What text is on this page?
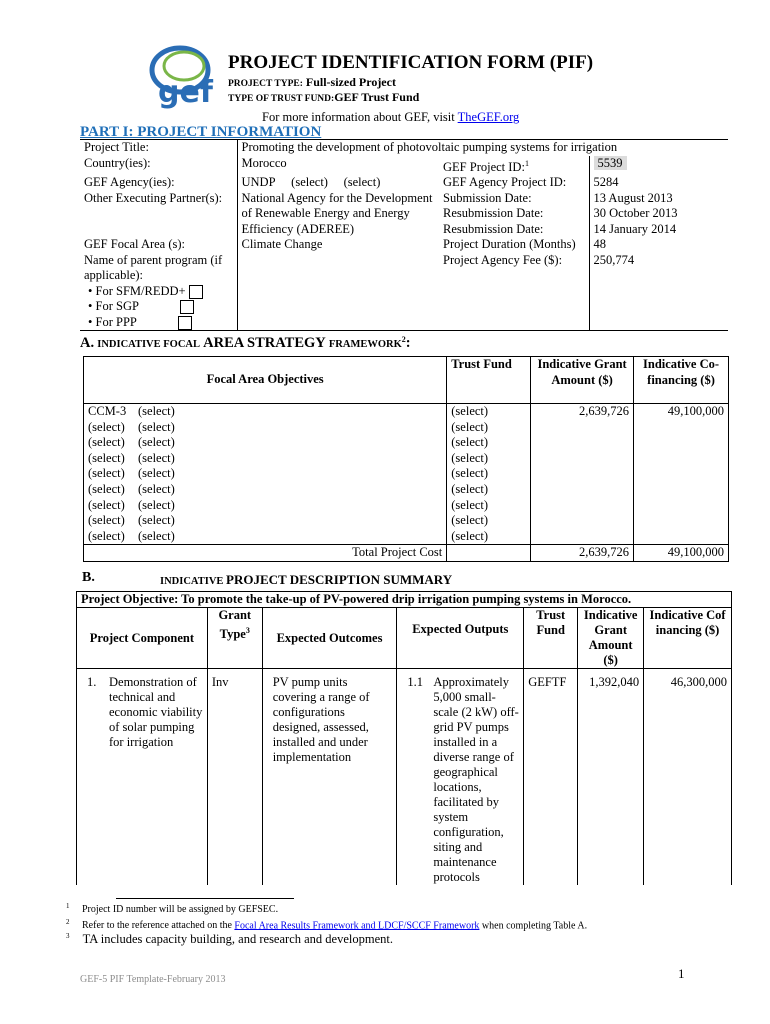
gef
PROJECT IDENTIFICATION FORM (PIF)
PROJECT TYPE: Full-sized Project
TYPE OF TRUST FUND:GEF Trust Fund
For more information about GEF, visit TheGEF.org
PART I: PROJECT INFORMATION
Project Title:	Promoting the development of photovoltaic pumping systems for irrigation		
Country(ies):	Morocco	GEF Project ID:$^1$	5539
GEF Agency(ies):	UNDP (select) (select)	GEF Agency Project ID:	5284
Other Executing Partner(s):	National Agency for the Development of Renewable Energy and Energy Efficiency (ADEREE)	Submission Date:	13 August 2013
		Resubmission Date:	30 October 2013
		Resubmission Date:	14 January 2014
GEF Focal Area (s):	Climate Change	Project Duration (Months)	48

Name of parent program (if applicable):
• For SFM/REDD+
• For SGP
• For PPP		Project Agency Fee ($):	250,774
A. INDICATIVE FOCAL AREA STRATEGY FRAMEWORK$^2$:
Focal Area Objectives	Trust Fund	Indicative Grant Amount ($)	Indicative Co-financing ($)
CCM-3 (select)	(select)	2,639,726	49,100,000
(select) (select)	(select)		
(select) (select)	(select)		
(select) (select)	(select)		
(select) (select)	(select)		
(select) (select)	(select)		
(select) (select)	(select)		
(select) (select)	(select)		
(select) (select)	(select)		
Total Project Cost		2,639,726	49,100,000
B.	INDICATIVE PROJECT DESCRIPTION SUMMARY
Project Objective: To promote the take-up of PV-powered drip irrigation pumping systems in Morocco.						
Project Component	Grant Type$^3$	Expected Outcomes	Expected Outputs	Trust Fund	Indicative Grant Amount ($)	Indicative Cofinancing ($)

1. Demonstration of technical and economic viability of solar pumping for irrigation	Inv	PV pump units covering a range of configurations designed, assessed, installed and under implementation	1.1 Approximately 5,000 small-scale (2 kW) off-grid PV pumps installed in a diverse range of geographical locations, facilitated by system configuration, siting and maintenance protocols	GEFTF	1,392,040	46,300,000
$^1$ Project ID number will be assigned by GEFSEC.
$^2$ Refer to the reference attached on the Focal Area Results Framework and LDCF/SCCF Framework when completing Table A.
$^3$ TA includes capacity building, and research and development.
1
GEF-5 PIF Template-February 2013
